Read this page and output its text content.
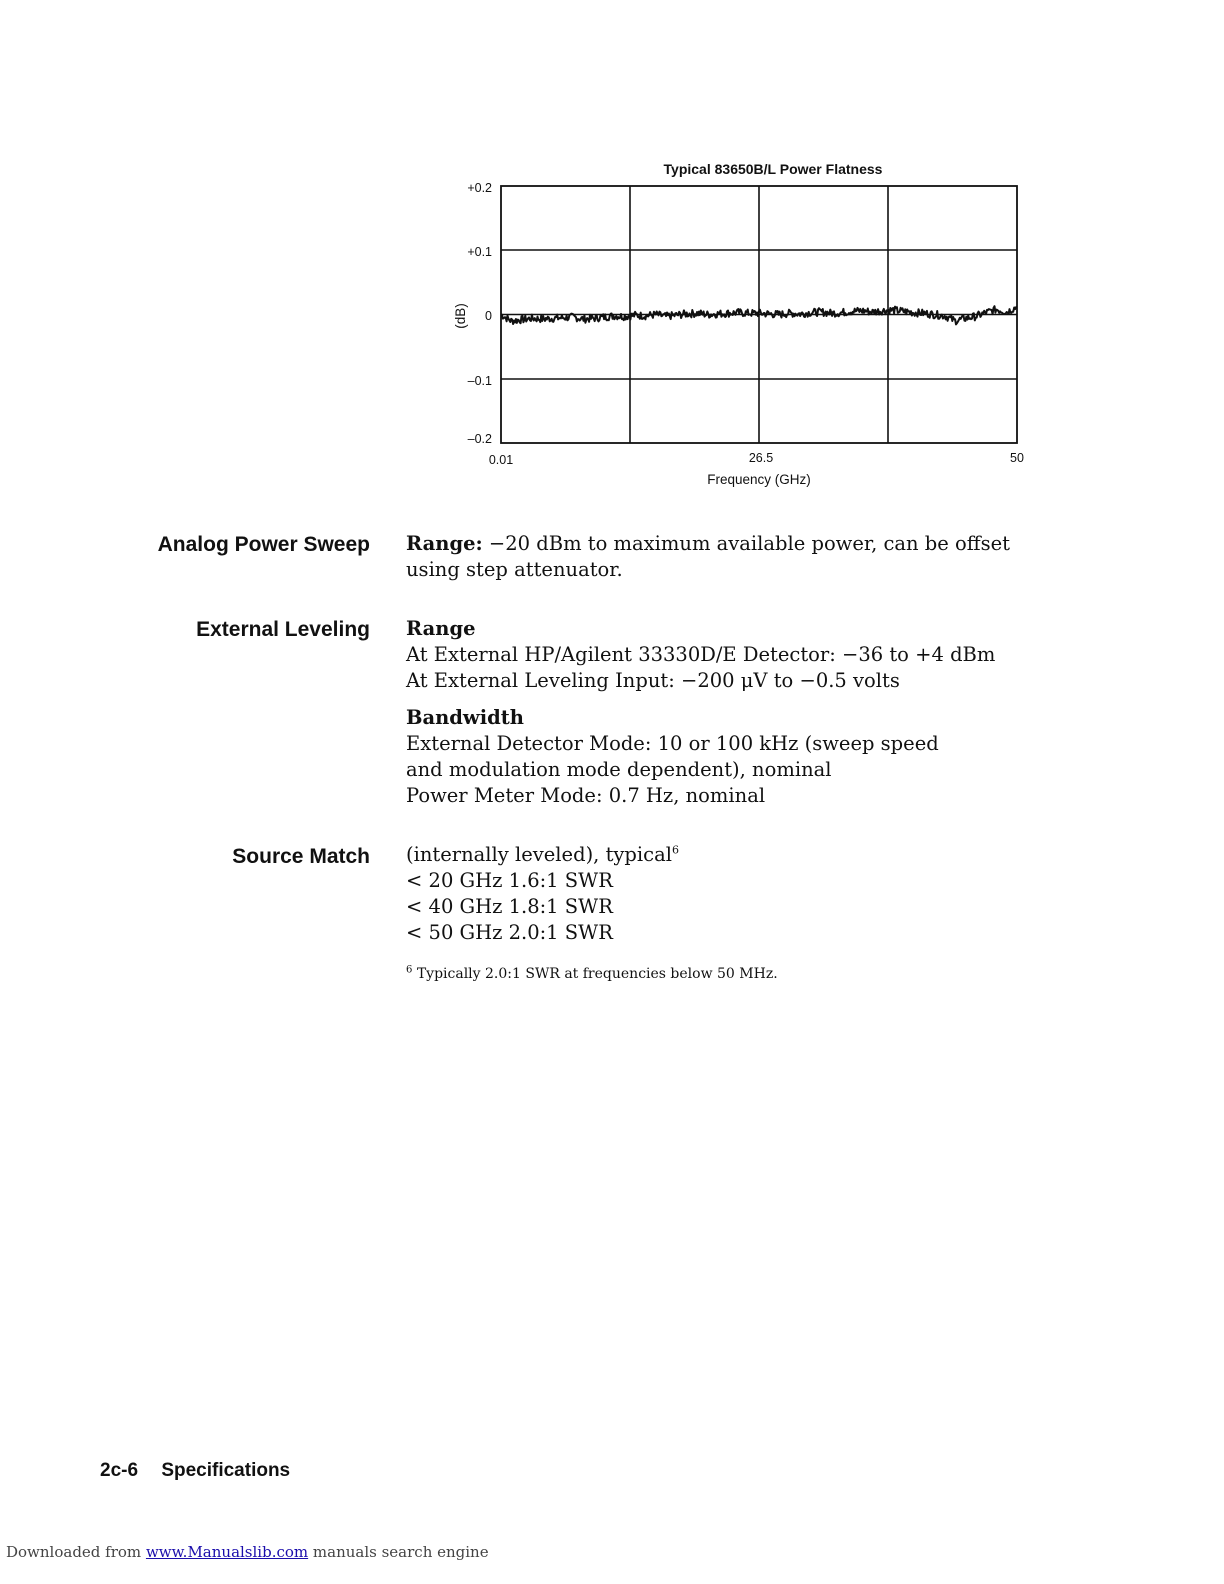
Typical 83650B/L Power Flatness
+0.2
+0.1
0
–0.1
–0.2
0.01	26.5	50
Frequency (GHz)
(dB)
Analog Power Sweep Range: −20 dBm to maximum available power, can be offset using step attenuator.

External Leveling Range

At External HP/Agilent 33330D/E Detector: −36 to +4 dBm

At External Leveling Input: −200 μV to −0.5 volts

Bandwidth

External Detector Mode: 10 or 100 kHz (sweep speed and modulation mode dependent), nominal

Power Meter Mode: 0.7 Hz, nominal

Source Match (internally leveled), typical$^6$

< 20 GHz 1.6:1 SWR

< 40 GHz 1.8:1 SWR

< 50 GHz 2.0:1 SWR

$^6$ Typically 2.0:1 SWR at frequencies below 50 MHz.
2c-6 Specifications
Downloaded from www.Manualslib.com manuals search engine
